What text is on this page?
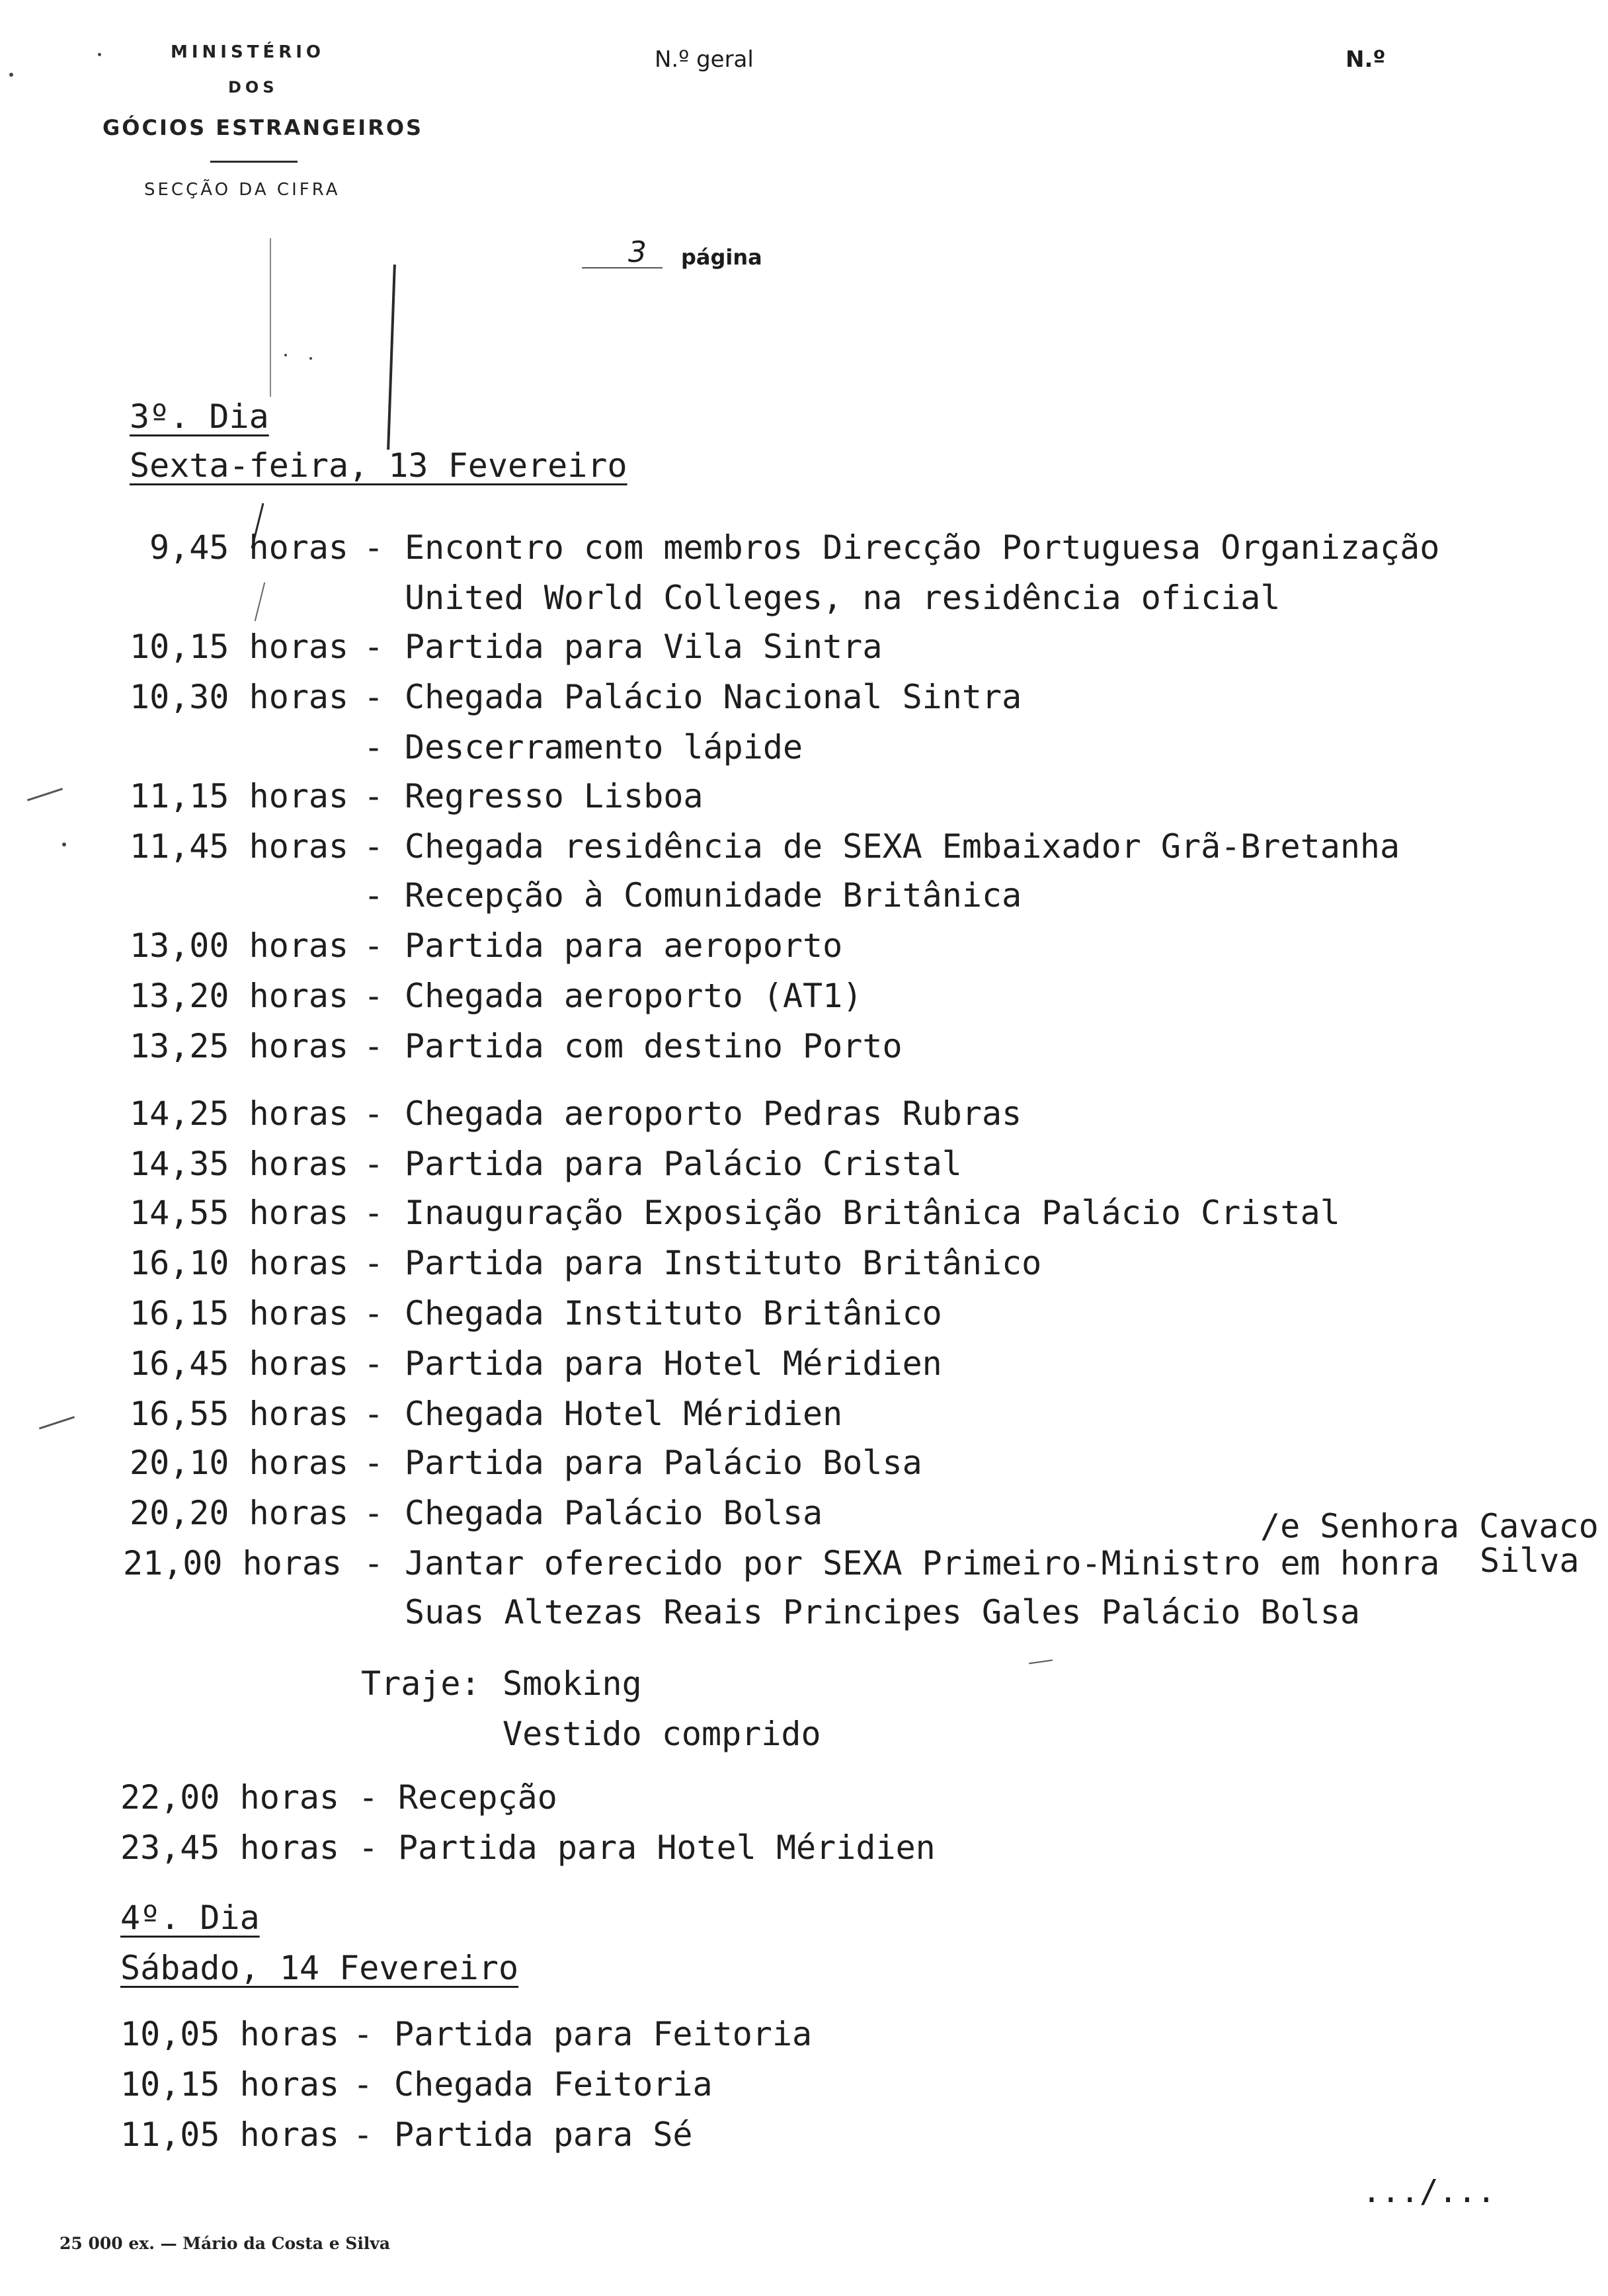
MINISTÉRIO
DOS
GÓCIOS ESTRANGEIROS
SECÇÃO DA CIFRA
N.º geral	N.º
3 página
3º. Dia
Sexta-feira, 13 Fevereiro
/e Senhora Cavaco
Silva
Traje: Smoking
Vestido comprido
4º. Dia
Sábado, 14 Fevereiro
9,45 horas - Encontro com membros Direcção Portuguesa Organização
United World Colleges, na residência oficial
10,15 horas - Partida para Vila Sintra
10,30 horas - Chegada Palácio Nacional Sintra
- Descerramento lápide
11,15 horas - Regresso Lisboa
11,45 horas - Chegada residência de SEXA Embaixador Grã-Bretanha
- Recepção à Comunidade Britânica
13,00 horas - Partida para aeroporto
13,20 horas - Chegada aeroporto (AT1)
13,25 horas - Partida com destino Porto
14,25 horas - Chegada aeroporto Pedras Rubras
14,35 horas - Partida para Palácio Cristal
14,55 horas - Inauguração Exposição Britânica Palácio Cristal
16,10 horas - Partida para Instituto Britânico
16,15 horas - Chegada Instituto Britânico
16,45 horas - Partida para Hotel Méridien
16,55 horas - Chegada Hotel Méridien
20,10 horas - Partida para Palácio Bolsa
20,20 horas - Chegada Palácio Bolsa
21,00 horas - Jantar oferecido por SEXA Primeiro-Ministro em honra
Suas Altezas Reais Principes Gales Palácio Bolsa
22,00 horas - Recepção
23,45 horas - Partida para Hotel Méridien
10,05 horas - Partida para Feitoria
10,15 horas - Chegada Feitoria
11,05 horas - Partida para Sé
.../...
25 000 ex. — Mário da Costa e Silva
